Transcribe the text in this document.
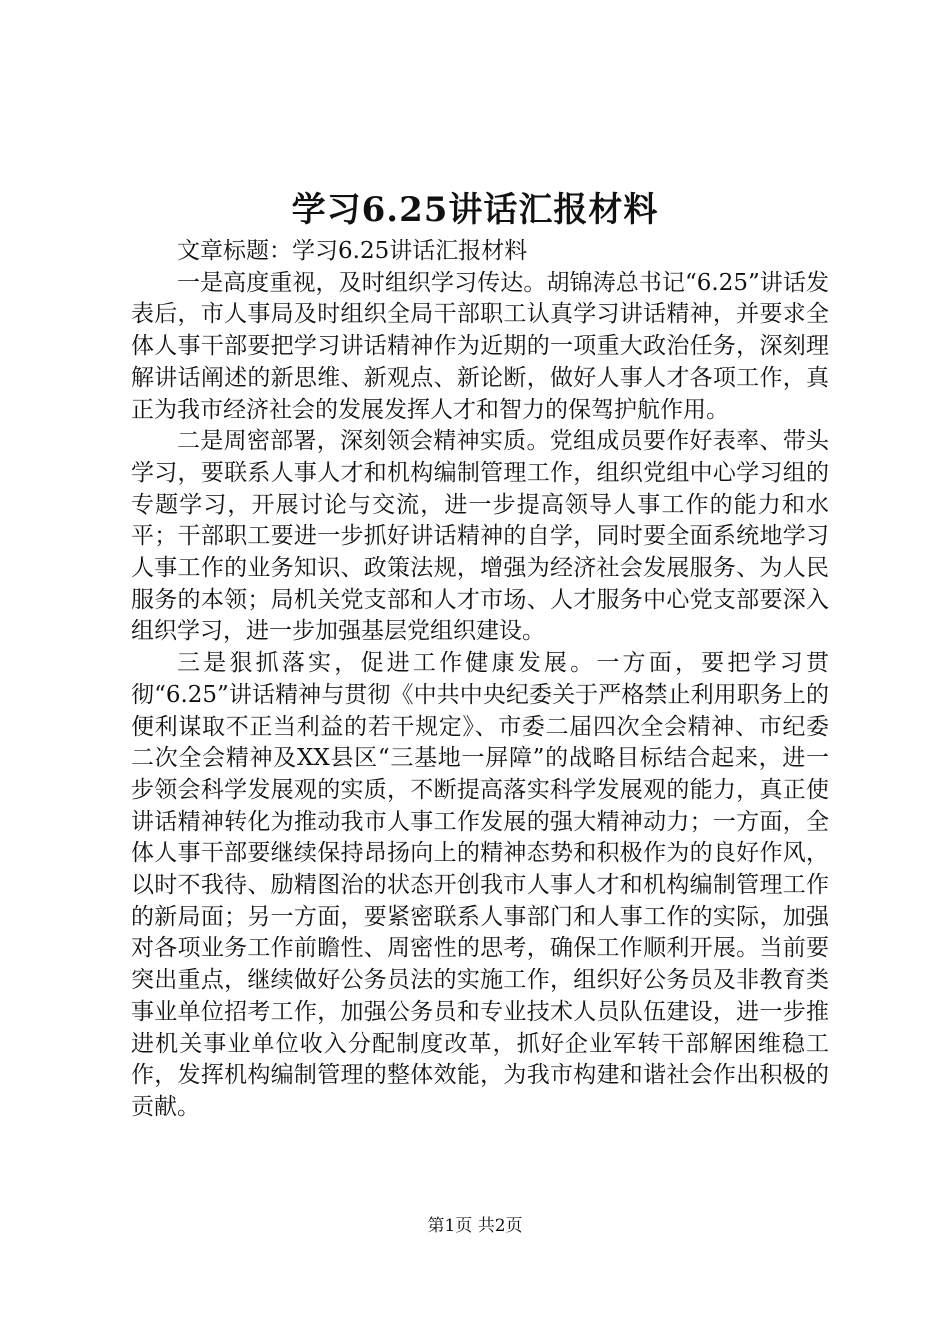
学习6.25讲话汇报材料

文章标题：学习6.25讲话汇报材料

一是高度重视，及时组织学习传达。胡锦涛总书记“6.25”讲话发表后，市人事局及时组织全局干部职工认真学习讲话精神，并要求全体人事干部要把学习讲话精神作为近期的一项重大政治任务，深刻理解讲话阐述的新思维、新观点、新论断，做好人事人才各项工作，真正为我市经济社会的发展发挥人才和智力的保驾护航作用。

二是周密部署，深刻领会精神实质。党组成员要作好表率、带头学习，要联系人事人才和机构编制管理工作，组织党组中心学习组的专题学习，开展讨论与交流，进一步提高领导人事工作的能力和水平；干部职工要进一步抓好讲话精神的自学，同时要全面系统地学习人事工作的业务知识、政策法规，增强为经济社会发展服务、为人民服务的本领；局机关党支部和人才市场、人才服务中心党支部要深入组织学习，进一步加强基层党组织建设。

三是狠抓落实，促进工作健康发展。一方面，要把学习贯彻“6.25”讲话精神与贯彻《中共中央纪委关于严格禁止利用职务上的便利谋取不正当利益的若干规定》、市委二届四次全会精神、市纪委二次全会精神及XX县区“三基地一屏障”的战略目标结合起来，进一步领会科学发展观的实质，不断提高落实科学发展观的能力，真正使讲话精神转化为推动我市人事工作发展的强大精神动力；一方面，全体人事干部要继续保持昂扬向上的精神态势和积极作为的良好作风，以时不我待、励精图治的状态开创我市人事人才和机构编制管理工作的新局面；另一方面，要紧密联系人事部门和人事工作的实际，加强对各项业务工作前瞻性、周密性的思考，确保工作顺利开展。当前要突出重点，继续做好公务员法的实施工作，组织好公务员及非教育类事业单位招考工作，加强公务员和专业技术人员队伍建设，进一步推进机关事业单位收入分配制度改革，抓好企业军转干部解困维稳工作，发挥机构编制管理的整体效能，为我市构建和谐社会作出积极的贡献。

第1页 共2页
